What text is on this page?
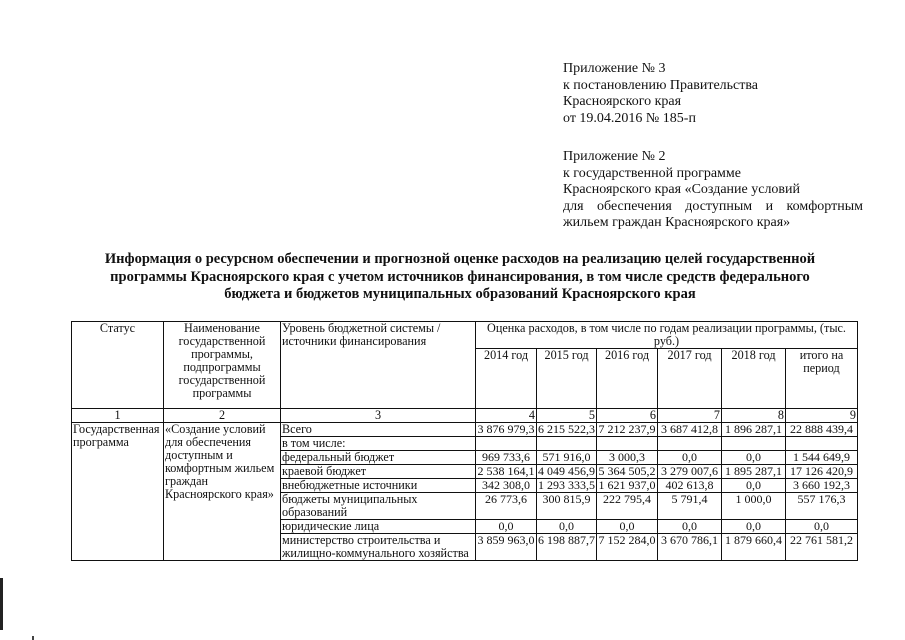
Приложение № 3
к постановлению Правительства
Красноярского края
от 19.04.2016 № 185-п
Приложение № 2
к государственной программе
Красноярского края «Создание условий
для обеспечения доступным и комфортным
жильем граждан Красноярского края»
Информация о ресурсном обеспечении и прогнозной оценке расходов на реализацию целей государственной
программы Красноярского края с учетом источников финансирования, в том числе средств федерального
бюджета и бюджетов муниципальных образований Красноярского края
Статус	Наименование государственной программы, подпрограммы государственной программы	Уровень бюджетной системы / источники финансирования	Оценка расходов, в том числе по годам реализации программы, (тыс. руб.)					
			2014 год	2015 год	2016 год	2017 год	2018 год	итого на период
1	2	3	4	5	6	7	8	9
Государственная программа	«Создание условий для обеспечения доступным и комфортным жильем граждан Красноярского края»	Всего	3 876 979,3	6 215 522,3	7 212 237,9	3 687 412,8	1 896 287,1	22 888 439,4
		в том числе:						
		федеральный бюджет	969 733,6	571 916,0	3 000,3	0,0	0,0	1 544 649,9
		краевой бюджет	2 538 164,1	4 049 456,9	5 364 505,2	3 279 007,6	1 895 287,1	17 126 420,9
		внебюджетные источники	342 308,0	1 293 333,5	1 621 937,0	402 613,8	0,0	3 660 192,3
		бюджеты муниципальных образований	26 773,6	300 815,9	222 795,4	5 791,4	1 000,0	557 176,3
		юридические лица	0,0	0,0	0,0	0,0	0,0	0,0
		министерство строительства и жилищно-коммунального хозяйства	3 859 963,0	6 198 887,7	7 152 284,0	3 670 786,1	1 879 660,4	22 761 581,2
